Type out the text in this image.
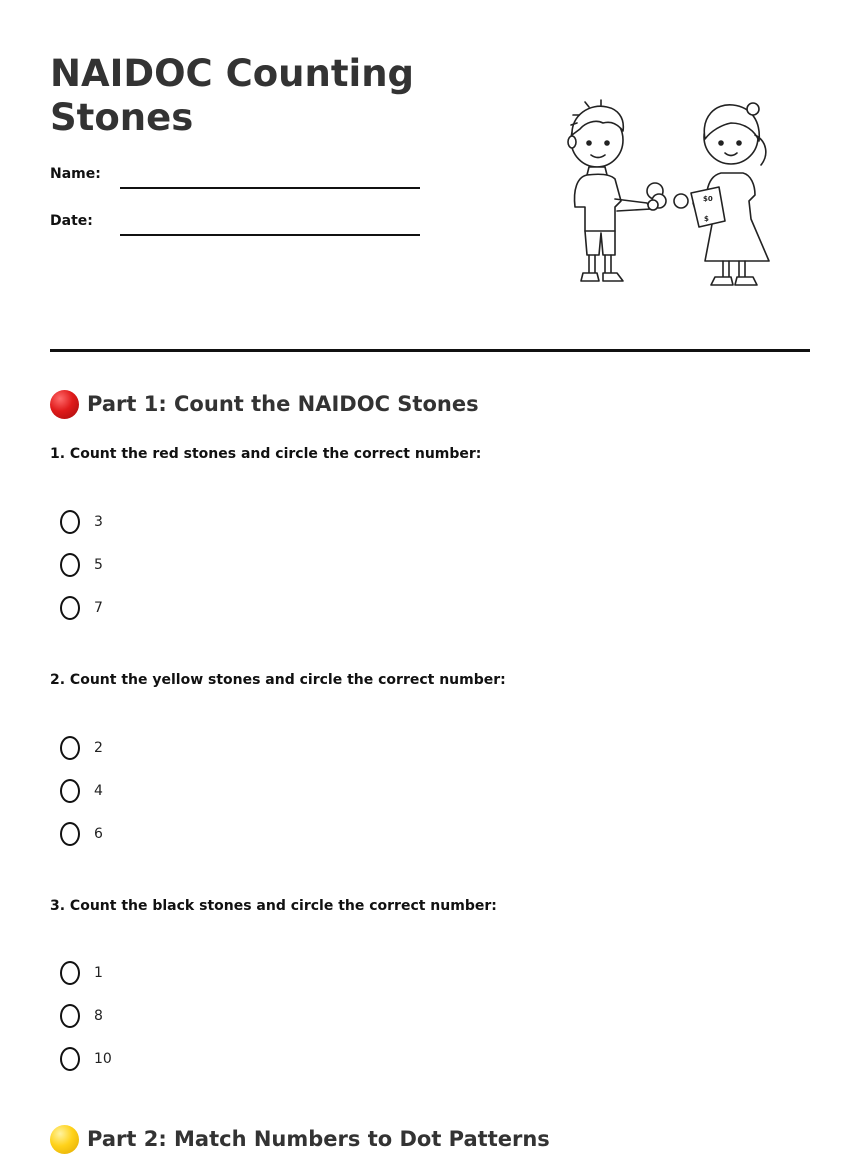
NAIDOC Counting Stones
Name:
Date:
$0
$
Part 1: Count the NAIDOC Stones
1. Count the red stones and circle the correct number:
3
5
7
2. Count the yellow stones and circle the correct number:
2
4
6
3. Count the black stones and circle the correct number:
1
8
10
Part 2: Match Numbers to Dot Patterns
